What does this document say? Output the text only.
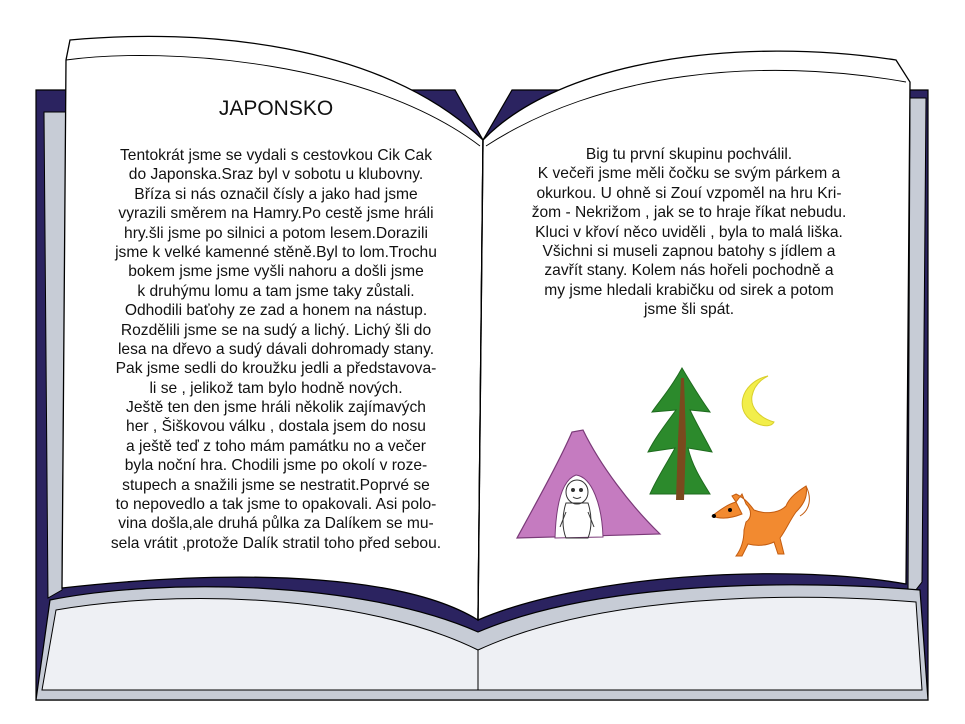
JAPONSKO
Tentokrát jsme se vydali s cestovkou Cik Cak
do Japonska.Sraz byl v sobotu u klubovny.
Bříza si nás označil čísly a jako had jsme
vyrazili směrem na Hamry.Po cestě jsme hráli
hry.šli jsme po silnici a potom lesem.Dorazili
jsme k velké kamenné stěně.Byl to lom.Trochu
bokem jsme jsme vyšli nahoru a došli jsme
k druhýmu lomu a tam jsme taky zůstali.
Odhodili baťohy ze zad a honem na nástup.
Rozdělili jsme se na sudý a lichý. Lichý šli do
lesa na dřevo a sudý dávali dohromady stany.
Pak jsme sedli do kroužku jedli a představova-
li se , jelikož tam bylo hodně nových.
Ještě ten den jsme hráli několik zajímavých
her , Šiškovou válku , dostala jsem do nosu
a ještě teď z toho mám památku no a večer
byla noční hra. Chodili jsme po okolí v roze-
stupech a snažili jsme se nestratit.Poprvé se
to nepovedlo a tak jsme to opakovali. Asi polo-
vina došla,ale druhá půlka za Dalíkem se mu-
sela vrátit ,protože Dalík stratil toho před sebou.
Big tu první skupinu pochválil.
K večeři jsme měli čočku se svým párkem a
okurkou. U ohně si Zouí vzpoměl na hru Kri-
žom - Nekrižom , jak se to hraje říkat nebudu.
Kluci v křoví něco uviděli , byla to malá liška.
Všichni si museli zapnou batohy s jídlem a
zavřít stany. Kolem nás hořeli pochodně a
my jsme hledali krabičku od sirek a potom
jsme šli spát.
